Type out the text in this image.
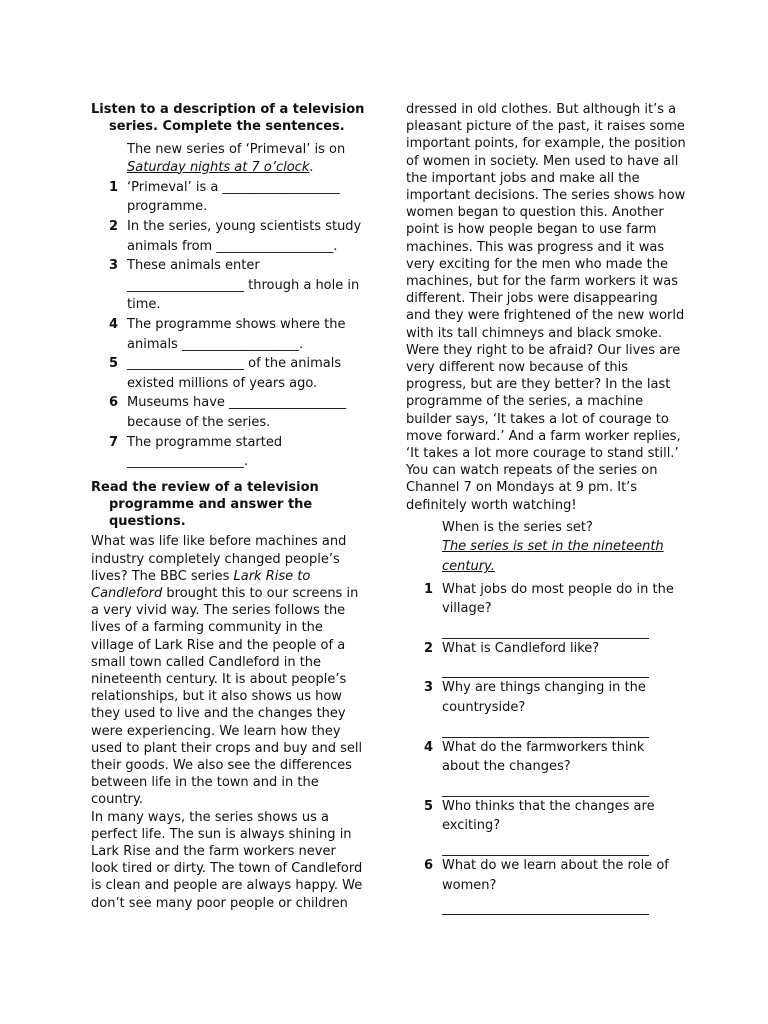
Listen to a description of a television series. Complete the sentences.

The new series of ‘Primeval’ is on
Saturday nights at 7 o’clock.

1 ‘Primeval’ is a __________________ programme.
2 In the series, young scientists study animals from __________________.
3 These animals enter __________________ through a hole in time.
4 The programme shows where the animals __________________.
5 __________________ of the animals existed millions of years ago.
6 Museums have __________________ because of the series.
7 The programme started __________________.

Read the review of a television programme and answer the questions.

What was life like before machines and industry completely changed people’s lives? The BBC series Lark Rise to Candleford brought this to our screens in a very vivid way. The series follows the lives of a farming community in the village of Lark Rise and the people of a small town called Candleford in the nineteenth century. It is about people’s relationships, but it also shows us how they used to live and the changes they were experiencing. We learn how they used to plant their crops and buy and sell their goods. We also see the differences between life in the town and in the country.

In many ways, the series shows us a perfect life. The sun is always shining in Lark Rise and the farm workers never look tired or dirty. The town of Candleford is clean and people are always happy. We don’t see many poor people or children

dressed in old clothes. But although it’s a pleasant picture of the past, it raises some important points, for example, the position of women in society. Men used to have all the important jobs and make all the important decisions. The series shows how women began to question this. Another point is how people began to use farm machines. This was progress and it was very exciting for the men who made the machines, but for the farm workers it was different. Their jobs were disappearing and they were frightened of the new world with its tall chimneys and black smoke. Were they right to be afraid? Our lives are very different now because of this progress, but are they better? In the last programme of the series, a machine builder says, ‘It takes a lot of courage to move forward.’ And a farm worker replies, ‘It takes a lot more courage to stand still.’

You can watch repeats of the series on Channel 7 on Mondays at 9 pm. It’s definitely worth watching!

When is the series set?
The series is set in the nineteenth century.

1 What jobs do most people do in the village?
2 What is Candleford like?
3 Why are things changing in the countryside?
4 What do the farmworkers think about the changes?
5 Who thinks that the changes are exciting?
6 What do we learn about the role of women?
